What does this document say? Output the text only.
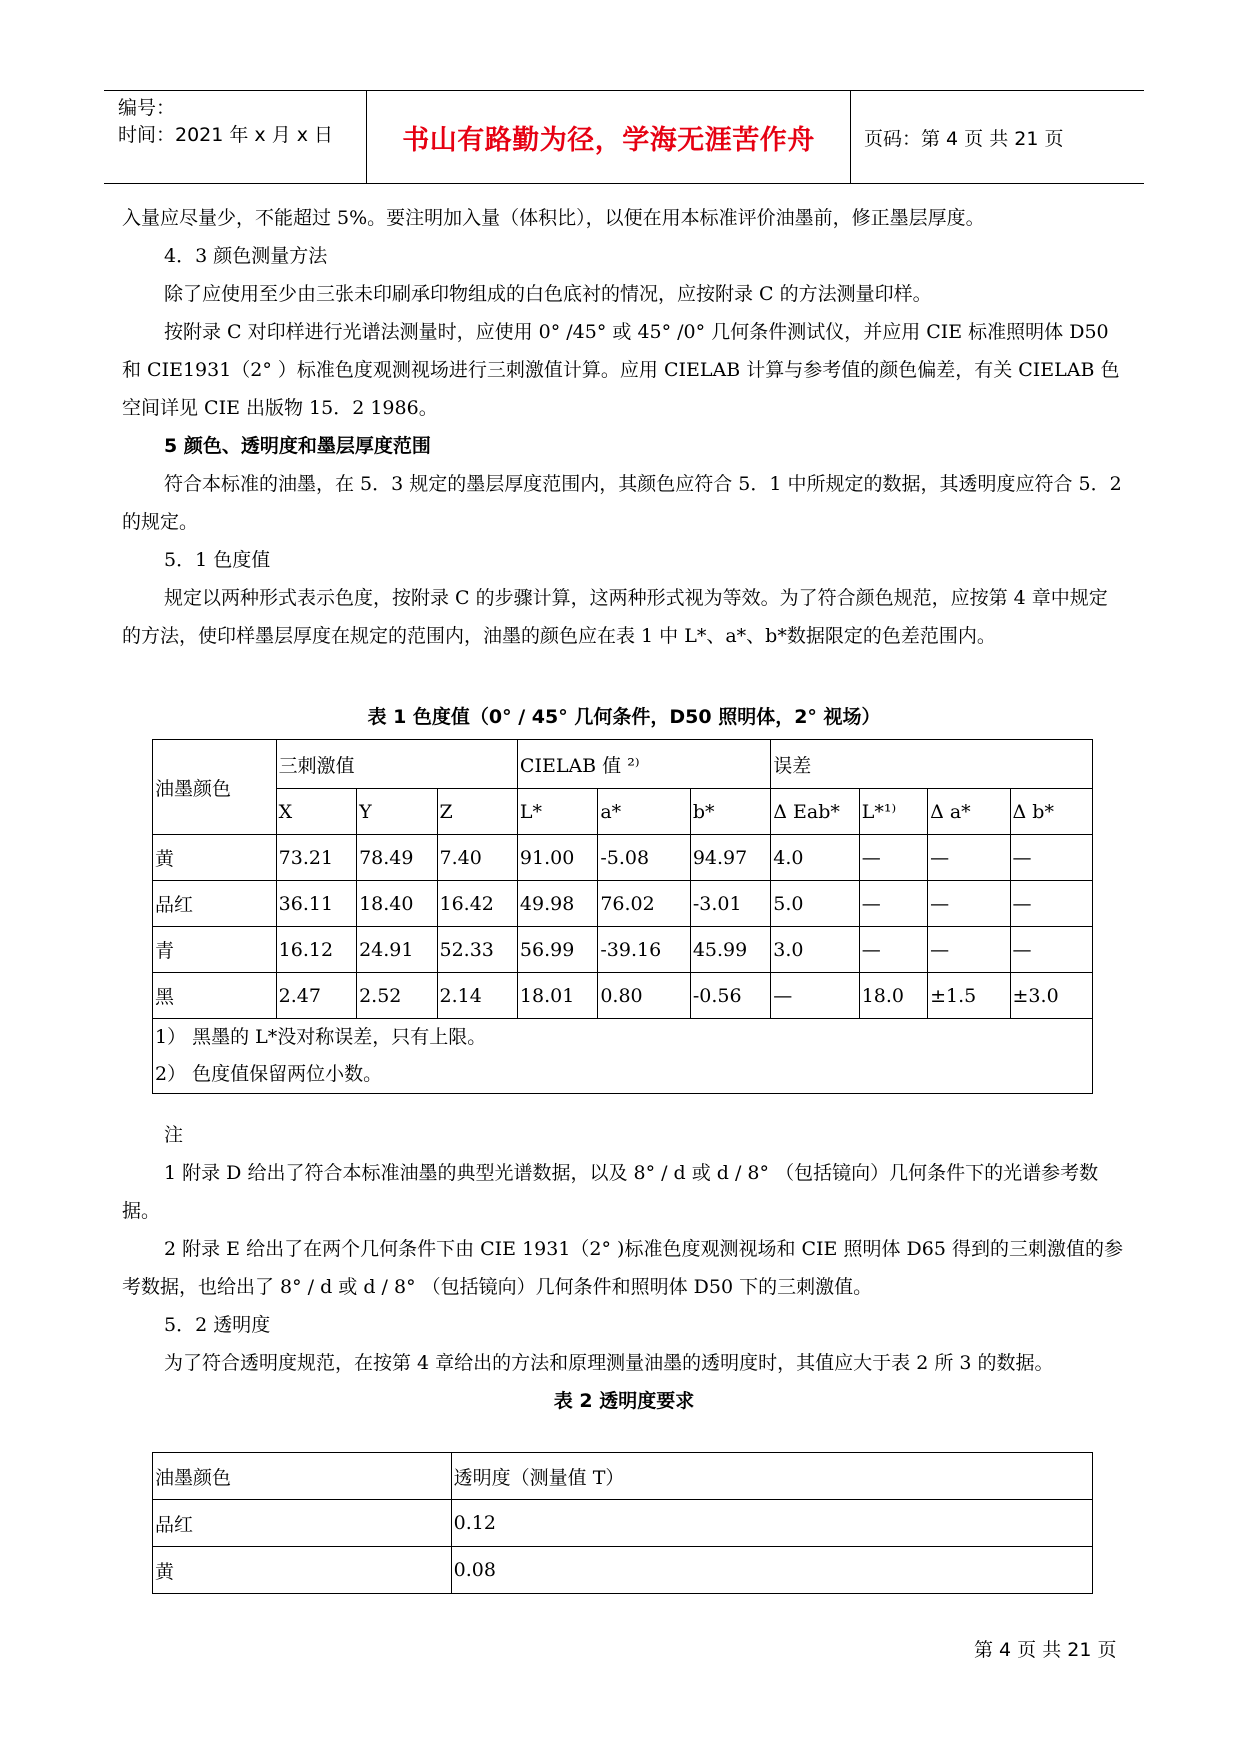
编号：
时间：2021 年 x 月 x 日	书山有路勤为径，学海无涯苦作舟	页码：第 4 页 共 21 页

入量应尽量少，不能超过 5%。要注明加入量（体积比），以便在用本标准评价油墨前，修正墨层厚度。

4．3 颜色测量方法

除了应使用至少由三张未印刷承印物组成的白色底衬的情况，应按附录 C 的方法测量印样。

按附录 C 对印样进行光谱法测量时，应使用 0° /45° 或 45° /0° 几何条件测试仪，并应用 CIE 标准照明体 D50 和 CIE1931（2° ）标准色度观测视场进行三刺激值计算。应用 CIELAB 计算与参考值的颜色偏差，有关 CIELAB 色空间详见 CIE 出版物 15．2 1986。

5 颜色、透明度和墨层厚度范围

符合本标准的油墨，在 5．3 规定的墨层厚度范围内，其颜色应符合 5．1 中所规定的数据，其透明度应符合 5．2 的规定。

5．1 色度值

规定以两种形式表示色度，按附录 C 的步骤计算，这两种形式视为等效。为了符合颜色规范，应按第 4 章中规定的方法，使印样墨层厚度在规定的范围内，油墨的颜色应在表 1 中 L*、a*、b*数据限定的色差范围内。

表 1 色度值（0° / 45° 几何条件，D50 照明体，2° 视场）

油墨颜色	三刺激值			CIELAB 值 ²⁾			误差			
	X	Y	Z	L*	a*	b*	Δ Eab*	L*¹⁾	Δ a*	Δ b*
黄	73.21	78.49	7.40	91.00	-5.08	94.97	4.0	—	—	—
品红	36.11	18.40	16.42	49.98	76.02	-3.01	5.0	—	—	—
青	16.12	24.91	52.33	56.99	-39.16	45.99	3.0	—	—	—
黑	2.47	2.52	2.14	18.01	0.80	-0.56	—	18.0	±1.5	±3.0

1） 黑墨的 L*没对称误差，只有上限。
2） 色度值保留两位小数。										

注

1 附录 D 给出了符合本标准油墨的典型光谱数据，以及 8° / d 或 d / 8° （包括镜向）几何条件下的光谱参考数据。

2 附录 E 给出了在两个几何条件下由 CIE 1931（2° )标准色度观测视场和 CIE 照明体 D65 得到的三刺激值的参考数据，也给出了 8° / d 或 d / 8° （包括镜向）几何条件和照明体 D50 下的三刺激值。

5．2 透明度

为了符合透明度规范，在按第 4 章给出的方法和原理测量油墨的透明度时，其值应大于表 2 所 3 的数据。

表 2 透明度要求

油墨颜色	透明度（测量值 T）
品红	0.12
黄	0.08
第 4 页 共 21 页
